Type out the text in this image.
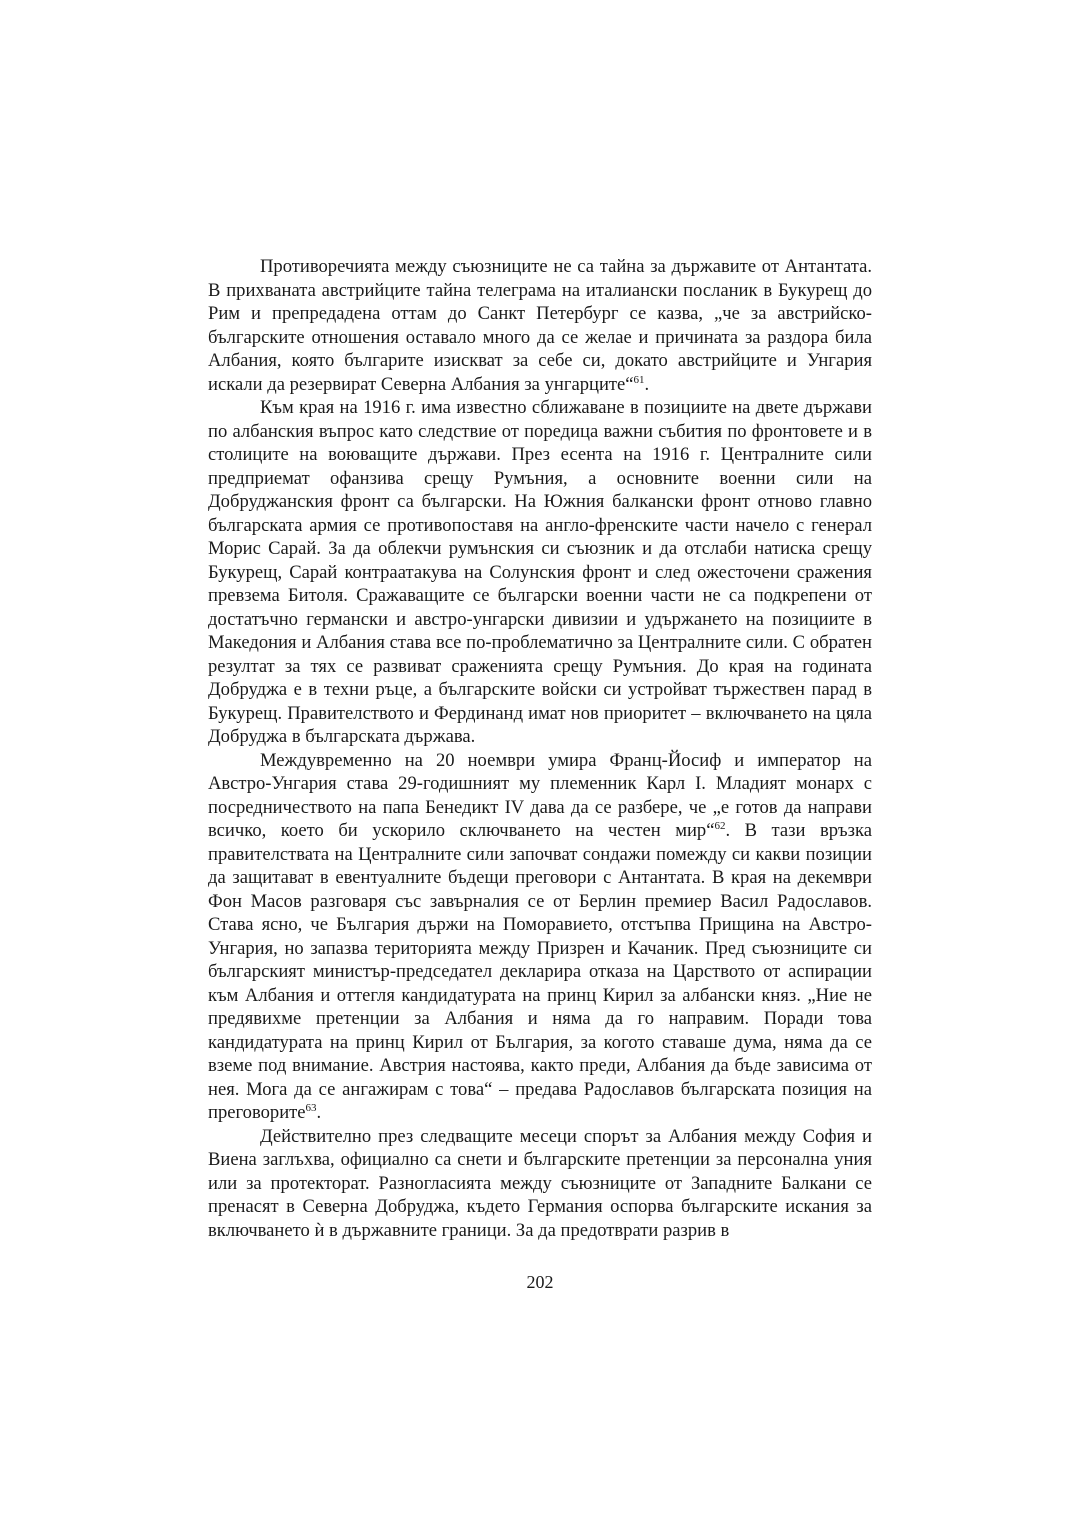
Противоречията между съюзниците не са тайна за държавите от Антантата. В прихваната австрийците тайна телеграма на италиански посланик в Букурещ до Рим и препредадена оттам до Санкт Петербург се казва, „че за австрийско-българските отношения оставало много да се желае и причината за раздора била Албания, която българите изискват за себе си, докато австрийците и Унгария искали да резервират Северна Албания за унгарците“$^{61}$.

Към края на 1916 г. има известно сближаване в позициите на двете държави по албанския въпрос като следствие от поредица важни събития по фронтовете и в столиците на воюващите държави. През есента на 1916 г. Централните сили предприемат офанзива срещу Румъния, а основните военни сили на Добруджанския фронт са български. На Южния балкански фронт отново главно българската армия се противопоставя на англо-френските части начело с генерал Морис Сарай. За да облекчи румънския си съюзник и да отслаби натиска срещу Букурещ, Сарай контраатакува на Солунския фронт и след ожесточени сражения превзема Битоля. Сражаващите се български военни части не са подкрепени от достатъчно германски и австро-унгарски дивизии и удържането на позициите в Македония и Албания става все по-проблематично за Централните сили. С обратен резултат за тях се развиват сраженията срещу Румъния. До края на годината Добруджа е в техни ръце, а българските войски си устройват тържествен парад в Букурещ. Правителството и Фердинанд имат нов приоритет – включването на цяла Добруджа в българската държава.

Междувременно на 20 ноември умира Франц-Йосиф и император на Австро-Унгария става 29-годишният му племенник Карл I. Младият монарх с посредничеството на папа Бенедикт IV дава да се разбере, че „е готов да направи всичко, което би ускорило сключването на честен мир“$^{62}$. В тази връзка правителствата на Централните сили започват сондажи помежду си какви позиции да защитават в евентуалните бъдещи преговори с Антантата. В края на декември Фон Масов разговаря със завърналия се от Берлин премиер Васил Радославов. Става ясно, че България държи на Поморавието, отстъпва Прищина на Австро-Унгария, но запазва територията между Призрен и Качаник. Пред съюзниците си българският министър-председател декларира отказа на Царството от аспирации към Албания и оттегля кандидатурата на принц Кирил за албански княз. „Ние не предявихме претенции за Албания и няма да го направим. Поради това кандидатурата на принц Кирил от България, за когото ставаше дума, няма да се вземе под внимание. Австрия настоява, както преди, Албания да бъде зависима от нея. Мога да се ангажирам с това“ – предава Радославов българската позиция на преговорите$^{63}$.

Действително през следващите месеци спорът за Албания между София и Виена заглъхва, официално са снети и българските претенции за персонална уния или за протекторат. Разногласията между съюзниците от Западните Балкани се пренасят в Северна Добруджа, където Германия оспорва българските искания за включването ѝ в държавните граници. За да предотврати разрив в

202
